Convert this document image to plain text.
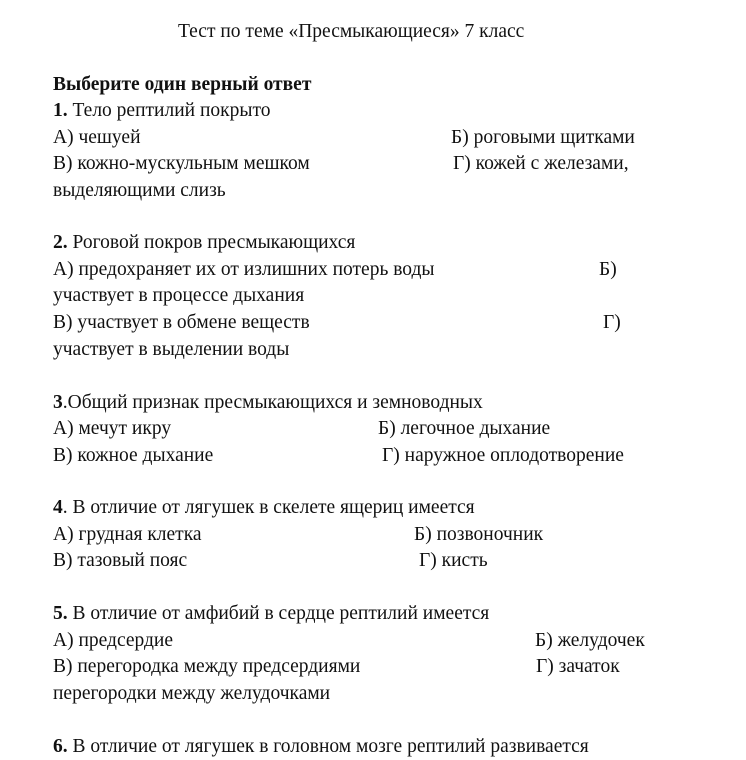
Тест по теме «Пресмыкающиеся» 7 класс
Выберите один верный ответ
1. Тело рептилий покрыто
А) чешуей	Б) роговыми щитками
В) кожно-мускульным мешком	Г) кожей с железами,
выделяющими слизь
2. Роговой покров пресмыкающихся
А) предохраняет их от излишних потерь воды	Б)
участвует в процессе дыхания
В) участвует в обмене веществ	Г)
участвует в выделении воды
3.Общий признак пресмыкающихся и земноводных
А) мечут икру	Б) легочное дыхание
В) кожное дыхание	Г) наружное оплодотворение
4. В отличие от лягушек в скелете ящериц имеется
А) грудная клетка	Б) позвоночник
В) тазовый пояс	Г) кисть
5. В отличие от амфибий в сердце рептилий имеется
А) предсердие	Б) желудочек
В) перегородка между предсердиями	Г) зачаток
перегородки между желудочками
6. В отличие от лягушек в головном мозге рептилий развивается
